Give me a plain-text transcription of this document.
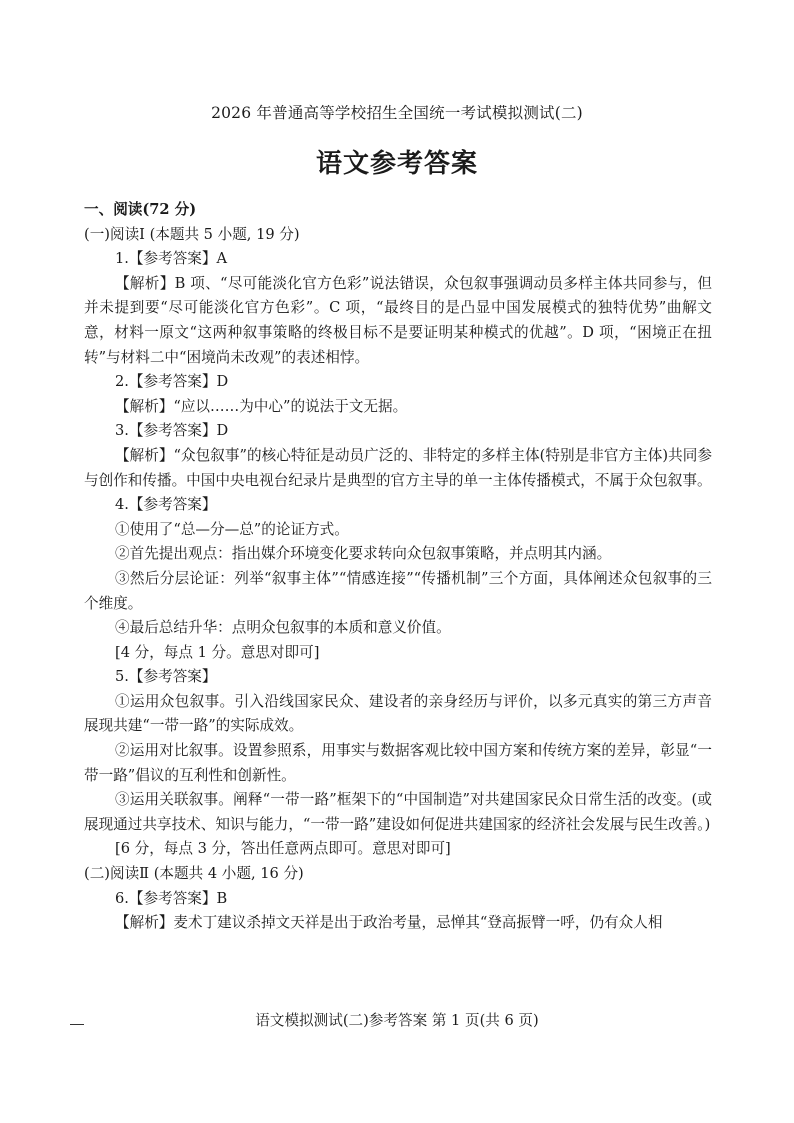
2026 年普通高等学校招生全国统一考试模拟测试(二)
语文参考答案

一、阅读(72 分)

(一)阅读Ⅰ (本题共 5 小题, 19 分)

1.【参考答案】A

【解析】B 项、“尽可能淡化官方色彩”说法错误，众包叙事强调动员多样主体共同参与，但并未提到要“尽可能淡化官方色彩”。C 项，“最终目的是凸显中国发展模式的独特优势”曲解文意，材料一原文“这两种叙事策略的终极目标不是要证明某种模式的优越”。D 项，“困境正在扭转”与材料二中“困境尚未改观”的表述相悖。

2.【参考答案】D

【解析】“应以……为中心”的说法于文无据。

3.【参考答案】D

【解析】“众包叙事”的核心特征是动员广泛的、非特定的多样主体(特别是非官方主体)共同参与创作和传播。中国中央电视台纪录片是典型的官方主导的单一主体传播模式，不属于众包叙事。

4.【参考答案】

①使用了“总—分—总”的论证方式。

②首先提出观点：指出媒介环境变化要求转向众包叙事策略，并点明其内涵。

③然后分层论证：列举“叙事主体”“情感连接”“传播机制”三个方面，具体阐述众包叙事的三个维度。

④最后总结升华：点明众包叙事的本质和意义价值。

[4 分，每点 1 分。意思对即可]

5.【参考答案】

①运用众包叙事。引入沿线国家民众、建设者的亲身经历与评价，以多元真实的第三方声音展现共建“一带一路”的实际成效。

②运用对比叙事。设置参照系，用事实与数据客观比较中国方案和传统方案的差异，彰显“一带一路”倡议的互利性和创新性。

③运用关联叙事。阐释“一带一路”框架下的“中国制造”对共建国家民众日常生活的改变。(或展现通过共享技术、知识与能力，“一带一路”建设如何促进共建国家的经济社会发展与民生改善。)

[6 分，每点 3 分，答出任意两点即可。意思对即可]

(二)阅读Ⅱ (本题共 4 小题, 16 分)

6.【参考答案】B

【解析】麦术丁建议杀掉文天祥是出于政治考量，忌惮其“登高振臂一呼，仍有众人相

语文模拟测试(二)参考答案 第 1 页(共 6 页)
